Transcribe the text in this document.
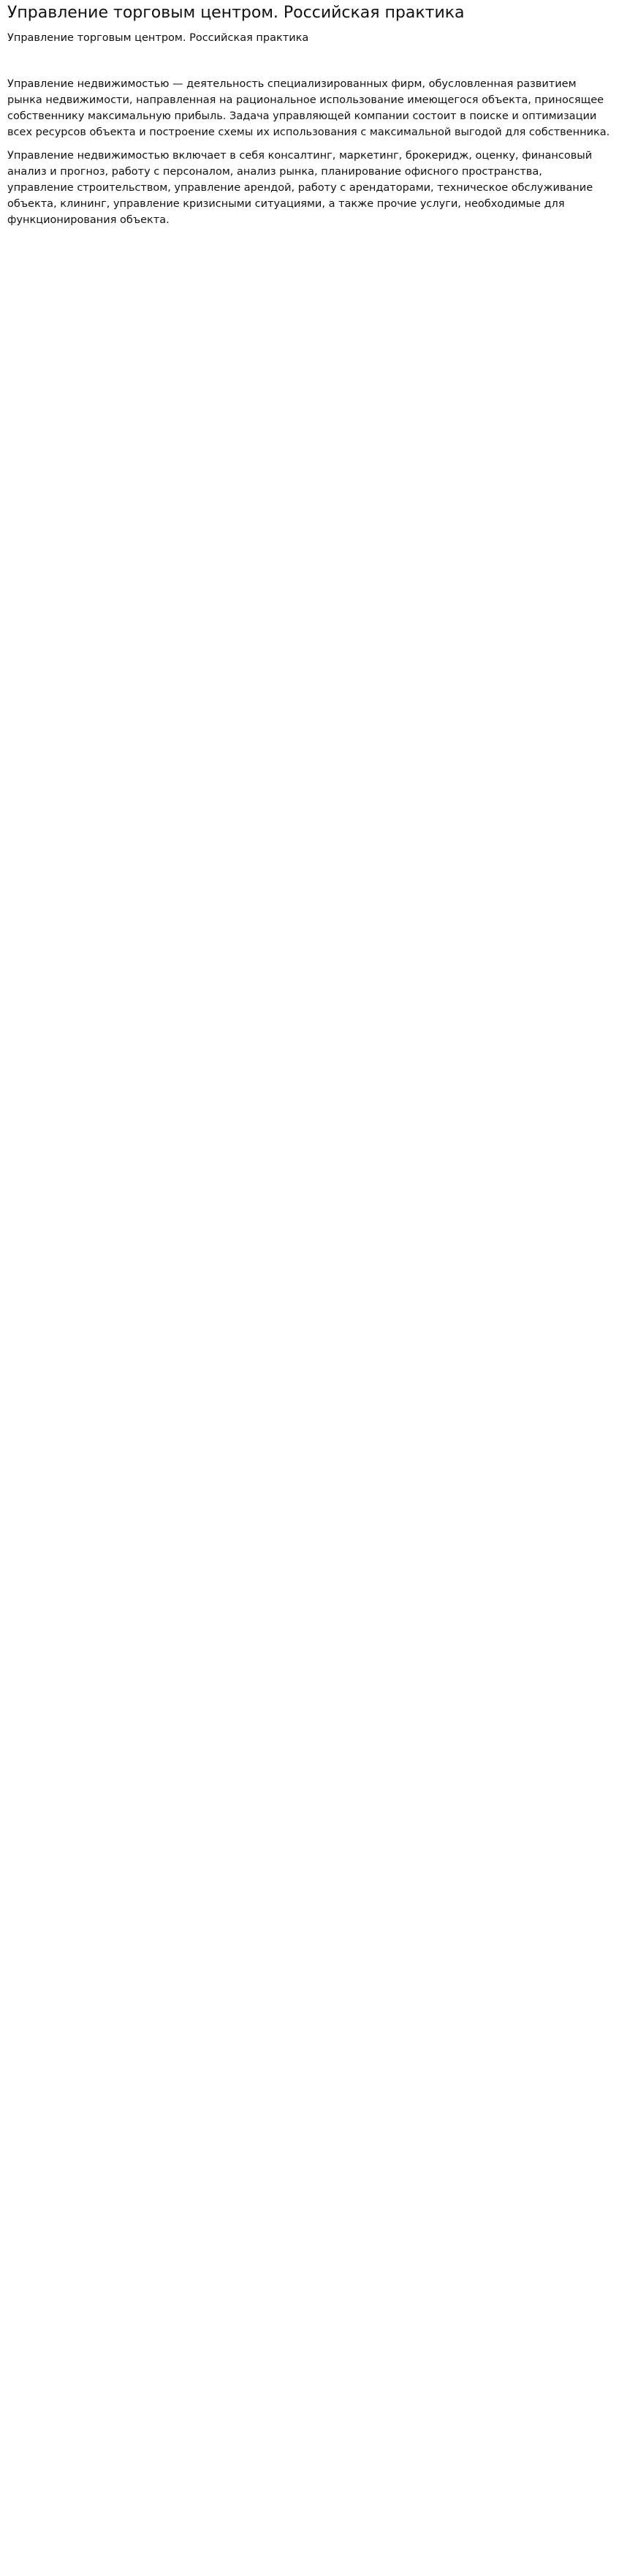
Управление торговым центром. Российская практика
Управление торговым центром. Российская практика

Управление недвижимостью — деятельность специализированных фирм, обусловленная развитием рынка недвижимости, направленная на рациональное использование имеющегося объекта, приносящее собственнику максимальную прибыль. Задача управляющей компании состоит в поиске и оптимизации всех ресурсов объекта и построение схемы их использования с максимальной выгодой для собственника.

Управление недвижимостью включает в себя консалтинг, маркетинг, брокеридж, оценку, финансовый анализ и прогноз, работу с персоналом, анализ рынка, планирование офисного пространства, управление строительством, управление арендой, работу с арендаторами, техническое обслуживание объекта, клининг, управление кризисными ситуациями, а также прочие услуги, необходимые для функционирования объекта.
